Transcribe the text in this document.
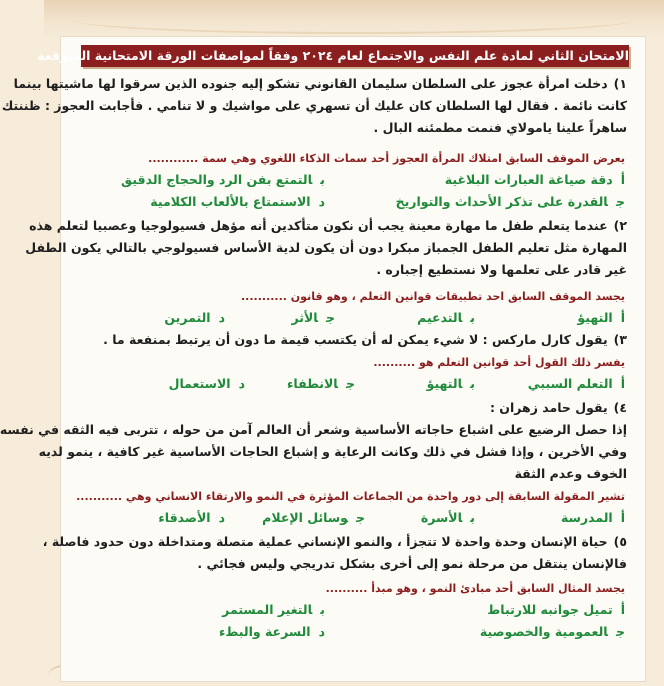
الامتحان الثاني لمادة علم النفس والاجتماع لعام ٢٠٢٤ وفقاً لمواصفات الورقة الامتحانية المتوقعة
١)دخلت امرأة عجوز على السلطان سليمان القانوني تشكو إليه جنوده الذين سرقوا لها ماشيتها بينما
كانت نائمة . فقال لها السلطان كان عليك أن تسهري على مواشيك و لا تنامي . فأجابت العجوز : ظننتك
ساهراً علينا يامولاي فنمت مطمئنه البال .
يعرض الموقف السابق امتلاك المرأة العجوز أحد سمات الذكاء اللغوي وهي سمة ............
أدقة صياغة العبارات البلاغية
بالتمتع بفن الرد والحجاج الدقيق
جالقدرة على تذكر الأحداث والتواريخ
دالاستمتاع بالألعاب الكلامية
٢)عندما يتعلم طفل ما مهارة معينة يجب أن نكون متأكدين أنه مؤهل فسيولوجيا وعصبيا لتعلم هذه
المهارة مثل تعليم الطفل الجمباز مبكرا دون أن يكون لدية الأساس فسيولوجي بالتالي يكون الطفل
غير قادر على تعلمها ولا نستطيع إجباره .
يجسد الموقف السابق احد تطبيقات قوانين التعلم ، وهو قانون ...........
أالتهيؤ
بالتدعيم
جالأثر
دالتمرين
٣)يقول كارل ماركس : لا شيء يمكن له أن يكتسب قيمة ما دون أن يرتبط بمنفعة ما .
يفسر ذلك القول أحد قوانين التعلم هو ..........
أالتعلم السببي
بالتهيؤ
جالانطفاء
دالاستعمال
٤)يقول حامد زهران :
إذا حصل الرضيع على اشباع حاجاته الأساسية وشعر أن العالم آمن من حوله ، تتربى فيه الثقه في نفسه
وفي الأخرين ، وإذا فشل في ذلك وكانت الرعاية و إشباع الحاجات الأساسية غير كافية ، ينمو لديه
الخوف وعدم الثقة
تشير المقولة السابقة إلى دور واحدة من الجماعات المؤثرة في النمو والارتقاء الانساني وهي ...........
أالمدرسة
بالأسرة
جوسائل الإعلام
دالأصدقاء
٥)حياة الإنسان وحدة واحدة لا تتجزأ ، والنمو الإنساني عملية متصلة ومتداخلة دون حدود فاصلة ،
فالإنسان ينتقل من مرحلة نمو إلى أخرى بشكل تدريجي وليس فجائي .
يجسد المثال السابق أحد مبادئ النمو ، وهو مبدأ ..........
أتميل جوانبه للارتباط
بالتغير المستمر
جالعمومية والخصوصية
دالسرعة والبطء
